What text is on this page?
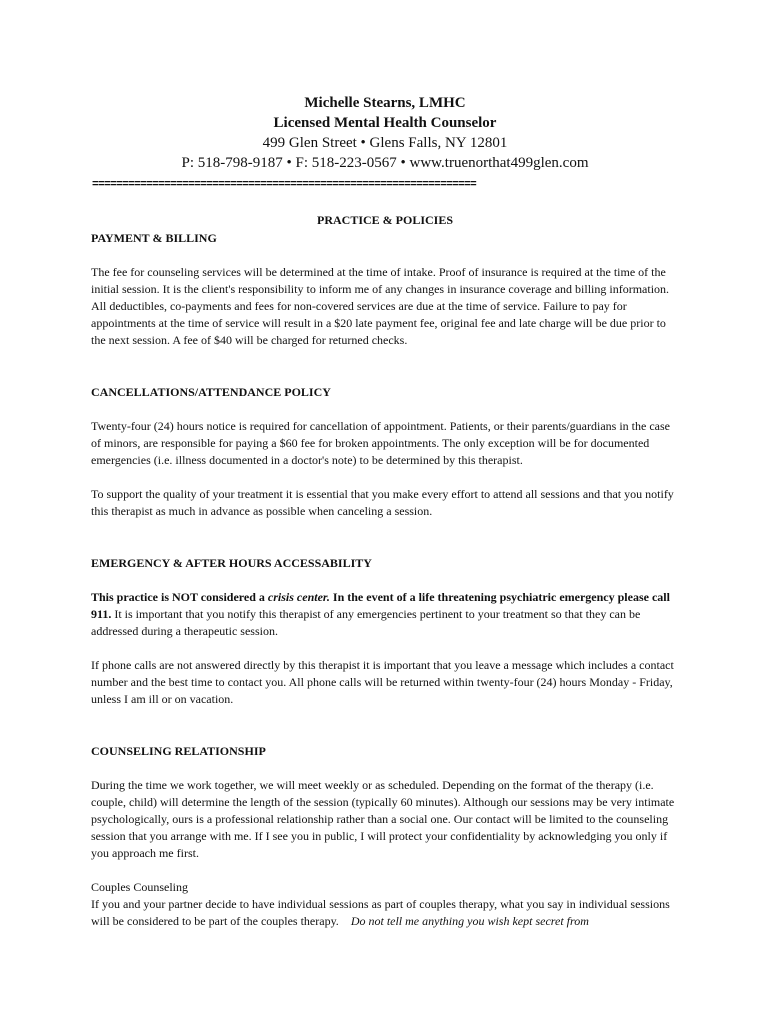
Michelle Stearns, LMHC
Licensed Mental Health Counselor
499 Glen Street • Glens Falls, NY 12801
P: 518-798-9187 • F: 518-223-0567 • www.truenorthat499glen.com
================================================================
PRACTICE & POLICIES
PAYMENT & BILLING

The fee for counseling services will be determined at the time of intake. Proof of insurance is required at the time of the initial session. It is the client's responsibility to inform me of any changes in insurance coverage and billing information. All deductibles, co-payments and fees for non-covered services are due at the time of service. Failure to pay for appointments at the time of service will result in a $20 late payment fee, original fee and late charge will be due prior to the next session. A fee of $40 will be charged for returned checks.

CANCELLATIONS/ATTENDANCE POLICY

Twenty-four (24) hours notice is required for cancellation of appointment. Patients, or their parents/guardians in the case of minors, are responsible for paying a $60 fee for broken appointments. The only exception will be for documented emergencies (i.e. illness documented in a doctor's note) to be determined by this therapist.

To support the quality of your treatment it is essential that you make every effort to attend all sessions and that you notify this therapist as much in advance as possible when canceling a session.

EMERGENCY & AFTER HOURS ACCESSABILITY

This practice is NOT considered a crisis center. In the event of a life threatening psychiatric emergency please call 911. It is important that you notify this therapist of any emergencies pertinent to your treatment so that they can be addressed during a therapeutic session.

If phone calls are not answered directly by this therapist it is important that you leave a message which includes a contact number and the best time to contact you. All phone calls will be returned within twenty-four (24) hours Monday - Friday, unless I am ill or on vacation.

COUNSELING RELATIONSHIP

During the time we work together, we will meet weekly or as scheduled. Depending on the format of the therapy (i.e. couple, child) will determine the length of the session (typically 60 minutes). Although our sessions may be very intimate psychologically, ours is a professional relationship rather than a social one. Our contact will be limited to the counseling session that you arrange with me. If I see you in public, I will protect your confidentiality by acknowledging you only if you approach me first.

Couples Counseling

If you and your partner decide to have individual sessions as part of couples therapy, what you say in individual sessions will be considered to be part of the couples therapy. Do not tell me anything you wish kept secret from
